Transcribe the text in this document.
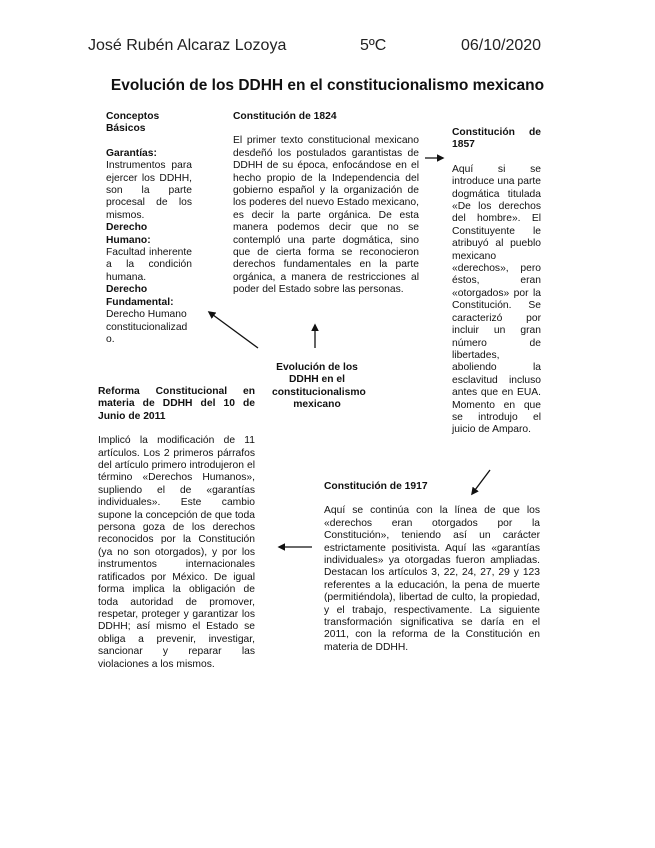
José Rubén Alcaraz Lozoya	5ºC	06/10/2020
Evolución de los DDHH en el constitucionalismo mexicano
Conceptos Básicos
Garantías:
Instrumentos para ejercer los DDHH, son la parte procesal de los mismos.
Derecho Humano:
Facultad inherente a la condición humana.
Derecho Fundamental:
Derecho Humano constitucionalizado.
Constitución de 1824
El primer texto constitucional mexicano desdeñó los postulados garantistas de DDHH de su época, enfocándose en el hecho propio de la Independencia del gobierno español y la organización de los poderes del nuevo Estado mexicano, es decir la parte orgánica. De esta manera podemos decir que no se contempló una parte dogmática, sino que de cierta forma se reconocieron derechos fundamentales en la parte orgánica, a manera de restricciones al poder del Estado sobre las personas.
Constitución de 1857
Aquí si se introduce una parte dogmática titulada «De los derechos del hombre». El Constituyente le atribuyó al pueblo mexicano «derechos», pero éstos, eran «otorgados» por la Constitución. Se caracterizó por incluir un gran número de libertades, aboliendo la esclavitud incluso antes que en EUA. Momento en que se introdujo el juicio de Amparo.
Evolución de los DDHH en el constitucionalismo mexicano
Reforma Constitucional en materia de DDHH del 10 de Junio de 2011
Implicó la modificación de 11 artículos. Los 2 primeros párrafos del artículo primero introdujeron el término «Derechos Humanos», supliendo el de «garantías individuales». Este cambio supone la concepción de que toda persona goza de los derechos reconocidos por la Constitución (ya no son otorgados), y por los instrumentos internacionales ratificados por México. De igual forma implica la obligación de toda autoridad de promover, respetar, proteger y garantizar los DDHH; así mismo el Estado se obliga a prevenir, investigar, sancionar y reparar las violaciones a los mismos.
Constitución de 1917
Aquí se continúa con la línea de que los «derechos eran otorgados por la Constitución», teniendo así un carácter estrictamente positivista. Aquí las «garantías individuales» ya otorgadas fueron ampliadas. Destacan los artículos 3, 22, 24, 27, 29 y 123 referentes a la educación, la pena de muerte (permitiéndola), libertad de culto, la propiedad, y el trabajo, respectivamente. La siguiente transformación significativa se daría en el 2011, con la reforma de la Constitución en materia de DDHH.
